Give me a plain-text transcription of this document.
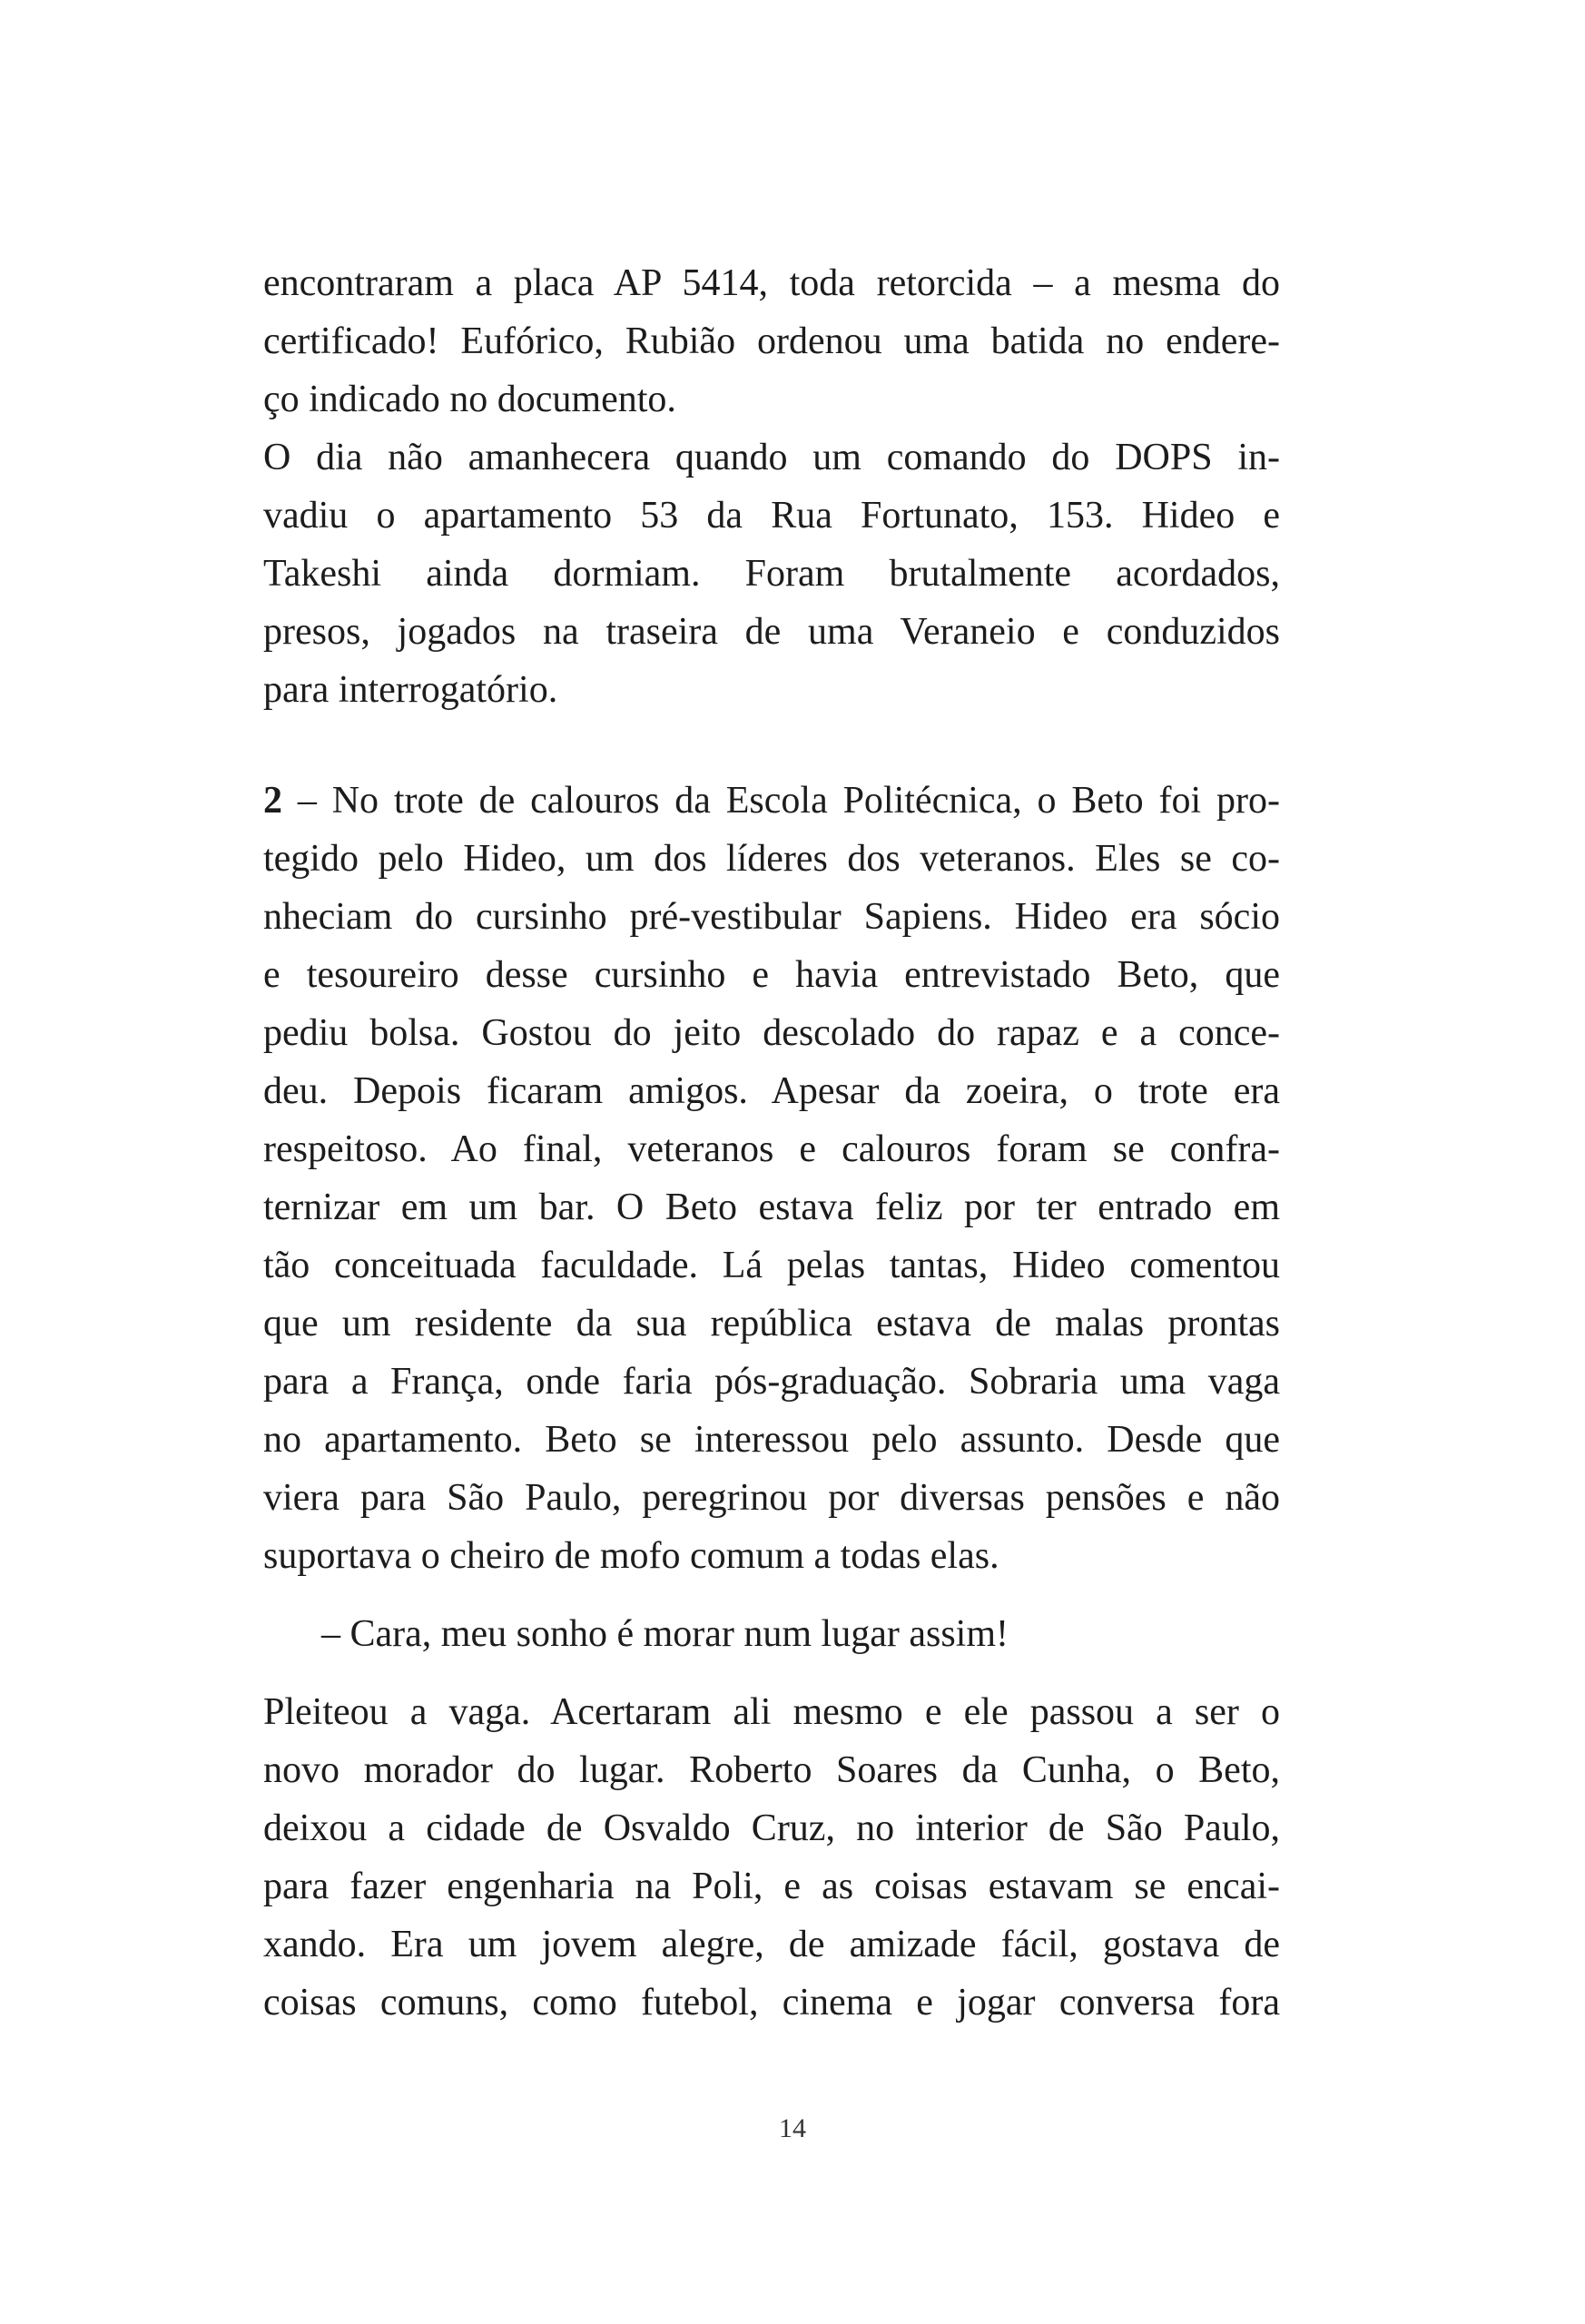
encontraram a placa AP 5414, toda retorcida – a mesma do
certificado! Eufórico, Rubião ordenou uma batida no endere-
ço indicado no documento.
O dia não amanhecera quando um comando do DOPS in-
vadiu o apartamento 53 da Rua Fortunato, 153. Hideo e
Takeshi ainda dormiam. Foram brutalmente acordados,
presos, jogados na traseira de uma Veraneio e conduzidos
para interrogatório.
2 – No trote de calouros da Escola Politécnica, o Beto foi pro-
tegido pelo Hideo, um dos líderes dos veteranos. Eles se co-
nheciam do cursinho pré-vestibular Sapiens. Hideo era sócio
e tesoureiro desse cursinho e havia entrevistado Beto, que
pediu bolsa. Gostou do jeito descolado do rapaz e a conce-
deu. Depois ficaram amigos. Apesar da zoeira, o trote era
respeitoso. Ao final, veteranos e calouros foram se confra-
ternizar em um bar. O Beto estava feliz por ter entrado em
tão conceituada faculdade. Lá pelas tantas, Hideo comentou
que um residente da sua república estava de malas prontas
para a França, onde faria pós-graduação. Sobraria uma vaga
no apartamento. Beto se interessou pelo assunto. Desde que
viera para São Paulo, peregrinou por diversas pensões e não
suportava o cheiro de mofo comum a todas elas.
– Cara, meu sonho é morar num lugar assim!
Pleiteou a vaga. Acertaram ali mesmo e ele passou a ser o
novo morador do lugar. Roberto Soares da Cunha, o Beto,
deixou a cidade de Osvaldo Cruz, no interior de São Paulo,
para fazer engenharia na Poli, e as coisas estavam se encai-
xando. Era um jovem alegre, de amizade fácil, gostava de
coisas comuns, como futebol, cinema e jogar conversa fora
14
